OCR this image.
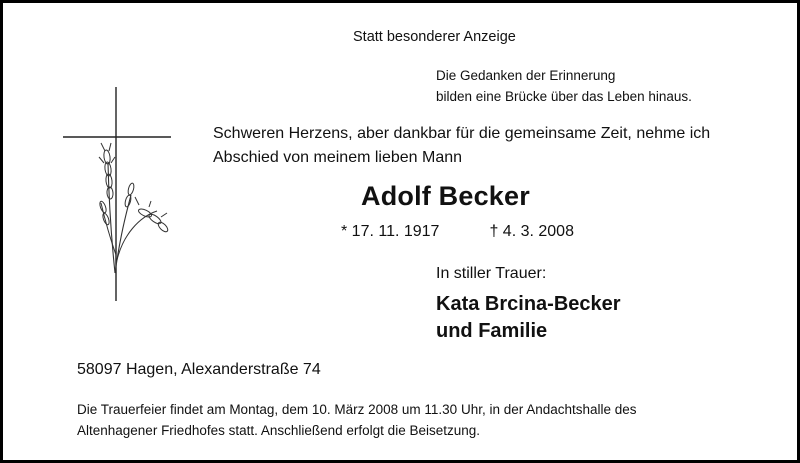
Statt besonderer Anzeige

Die Gedanken der Erinnerung
bilden eine Brücke über das Leben hinaus.
Schweren Herzens, aber dankbar für die gemeinsame Zeit, nehme ich
Abschied von meinem lieben Mann

Adolf Becker

* 17. 11. 1917	† 4. 3. 2008

In stiller Trauer:

Kata Brcina-Becker
und Familie

58097 Hagen, Alexanderstraße 74

Die Trauerfeier findet am Montag, dem 10. März 2008 um 11.30 Uhr, in der Andachtshalle des
Altenhagener Friedhofes statt. Anschließend erfolgt die Beisetzung.
